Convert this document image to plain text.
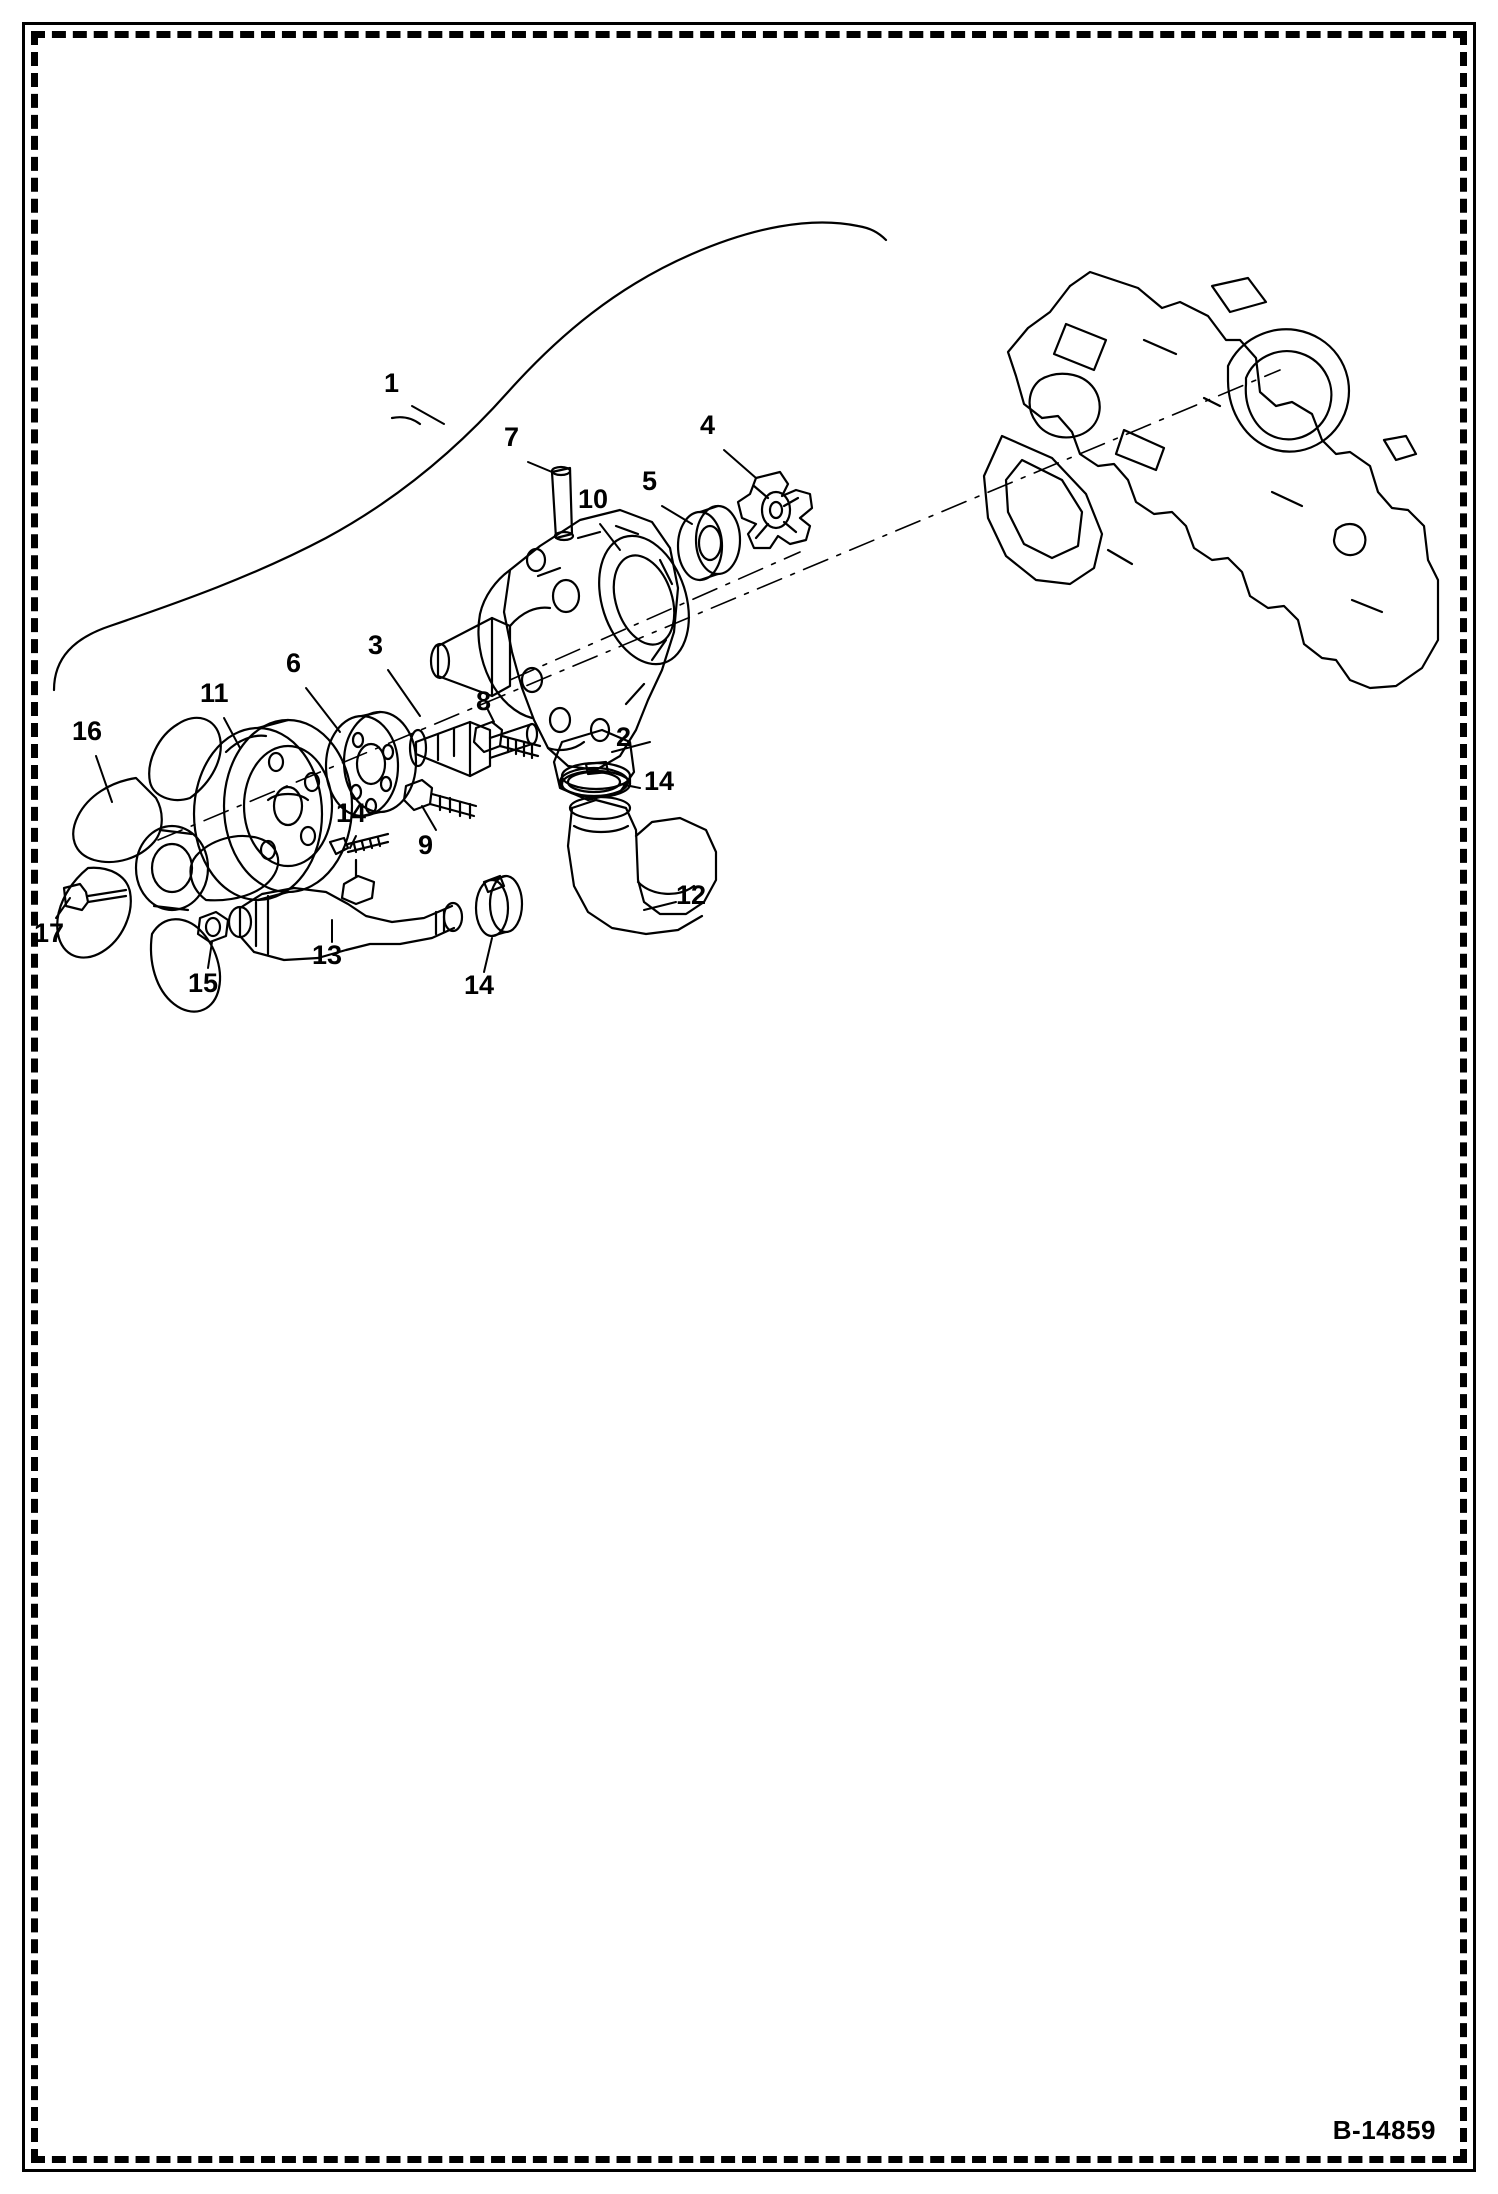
1
7	4
5
10
3
6
11	8
2
16
14
14
9
12
17
13
15	14
B-14859
